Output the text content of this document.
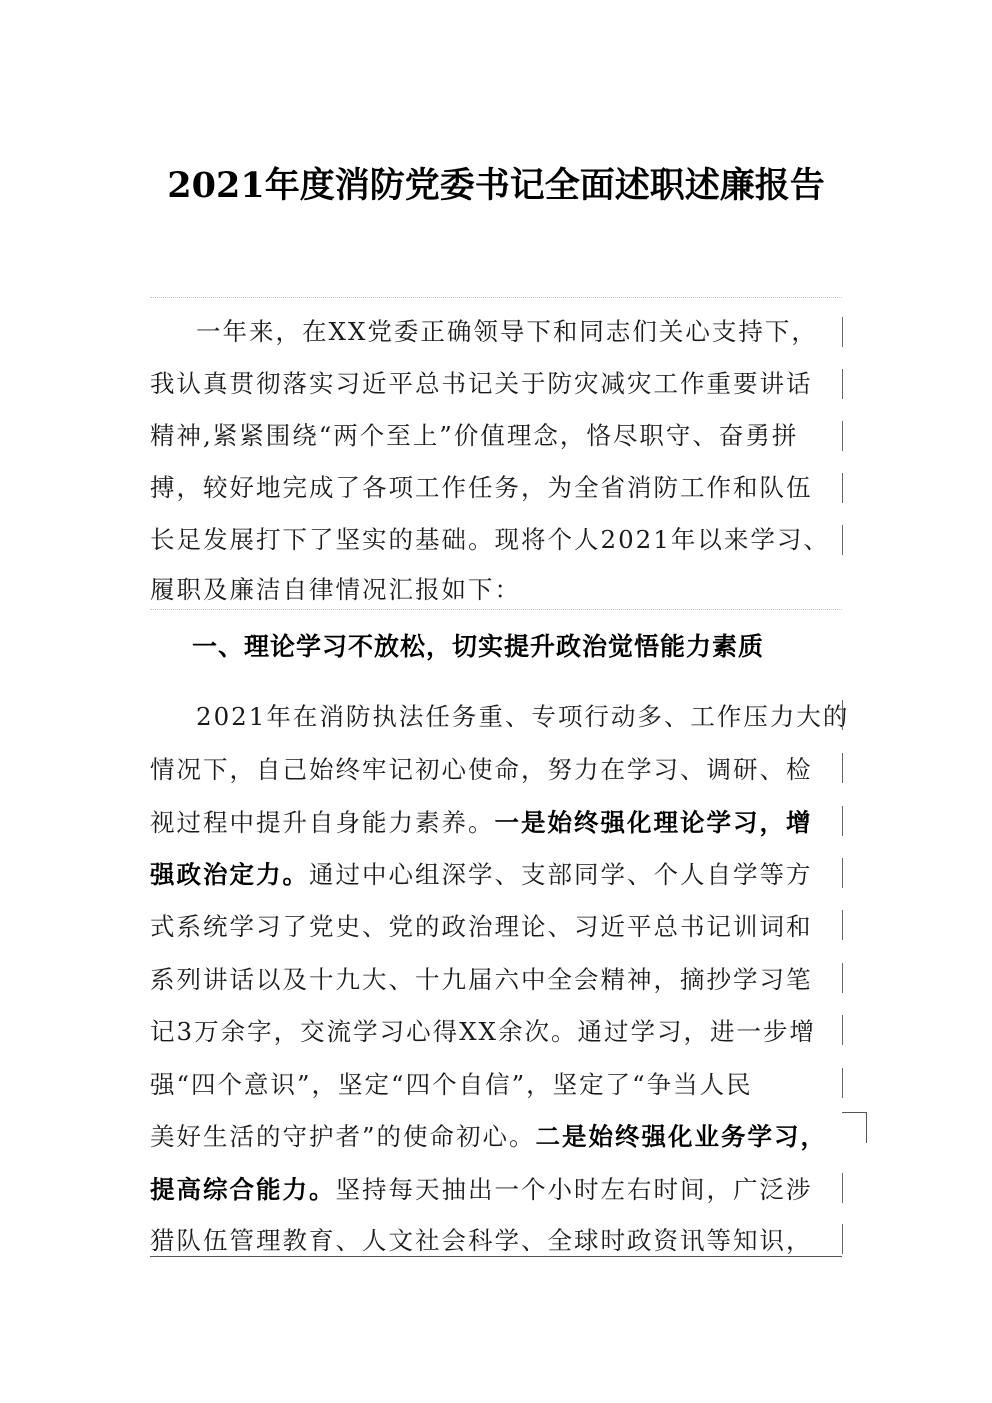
2021年度消防党委书记全面述职述廉报告
一年来，在XX党委正确领导下和同志们关心支持下，
我认真贯彻落实习近平总书记关于防灾减灾工作重要讲话
精神,紧紧围绕“两个至上”价值理念，恪尽职守、奋勇拼
搏，较好地完成了各项工作任务，为全省消防工作和队伍
长足发展打下了坚实的基础。现将个人2021年以来学习、
履职及廉洁自律情况汇报如下：
一、理论学习不放松，切实提升政治觉悟能力素质
2021年在消防执法任务重、专项行动多、工作压力大的
情况下，自己始终牢记初心使命，努力在学习、调研、检
视过程中提升自身能力素养。一是始终强化理论学习，增
强政治定力。通过中心组深学、支部同学、个人自学等方
式系统学习了党史、党的政治理论、习近平总书记训词和
系列讲话以及十九大、十九届六中全会精神，摘抄学习笔
记3万余字，交流学习心得XX余次。通过学习，进一步增
强“四个意识”，坚定“四个自信”，坚定了“争当人民
美好生活的守护者”的使命初心。二是始终强化业务学习，
提高综合能力。坚持每天抽出一个小时左右时间，广泛涉
猎队伍管理教育、人文社会科学、全球时政资讯等知识，
